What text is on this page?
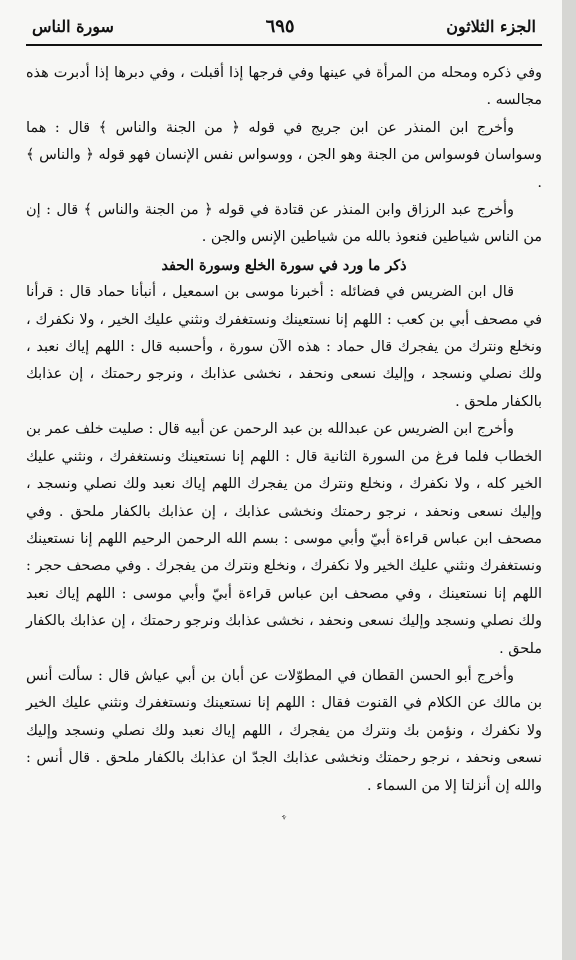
الجزء الثلاثون
٦٩٥
سورة الناس

وفي ذكره ومحله من المرأة في عينها وفي فرجها إذا أقبلت ، وفي دبرها إذا أدبرت هذه مجالسه .

وأخرج ابن المنذر عن ابن جريج في قوله ﴿ من الجنة والناس ﴾ قال : هما وسواسان فوسواس من الجنة وهو الجن ، ووسواس نفس الإنسان فهو قوله ﴿ والناس ﴾ .

وأخرج عبد الرزاق وابن المنذر عن قتادة في قوله ﴿ من الجنة والناس ﴾ قال : إن من الناس شياطين فنعوذ بالله من شياطين الإنس والجن .

ذكر ما ورد في سورة الخلع وسورة الحفد

قال ابن الضريس في فضائله : أخبرنا موسى بن اسمعيل ، أنبأنا حماد قال : قرأنا في مصحف أبي بن كعب : اللهم إنا نستعينك ونستغفرك ونثني عليك الخير ، ولا نكفرك ، ونخلع ونترك من يفجرك قال حماد : هذه الآن سورة ، وأحسبه قال : اللهم إياك نعبد ، ولك نصلي ونسجد ، وإليك نسعى ونحفد ، نخشى عذابك ، ونرجو رحمتك ، إن عذابك بالكفار ملحق .

وأخرج ابن الضريس عن عبدالله بن عبد الرحمن عن أبيه قال : صليت خلف عمر بن الخطاب فلما فرغ من السورة الثانية قال : اللهم إنا نستعينك ونستغفرك ، ونثني عليك الخير كله ، ولا نكفرك ، ونخلع ونترك من يفجرك اللهم إياك نعبد ولك نصلي ونسجد ، وإليك نسعى ونحفد ، نرجو رحمتك ونخشى عذابك ، إن عذابك بالكفار ملحق . وفي مصحف ابن عباس قراءة أبيّ وأبي موسى : بسم الله الرحمن الرحيم اللهم إنا نستعينك ونستغفرك ونثني عليك الخير ولا نكفرك ، ونخلع ونترك من يفجرك . وفي مصحف حجر : اللهم إنا نستعينك ، وفي مصحف ابن عباس قراءة أبيّ وأبي موسى : اللهم إياك نعبد ولك نصلي ونسجد وإليك نسعى ونحفد ، نخشى عذابك ونرجو رحمتك ، إن عذابك بالكفار ملحق .

وأخرج أبو الحسن القطان في المطوّلات عن أبان بن أبي عياش قال : سألت أنس بن مالك عن الكلام في القنوت فقال : اللهم إنا نستعينك ونستغفرك ونثني عليك الخير ولا نكفرك ، ونؤمن بك ونترك من يفجرك ، اللهم إياك نعبد ولك نصلي ونسجد وإليك نسعى ونحفد ، نرجو رحمتك ونخشى عذابك الجدّ ان عذابك بالكفار ملحق . قال أنس : والله إن أنزلتا إلا من السماء .

ﮩ
